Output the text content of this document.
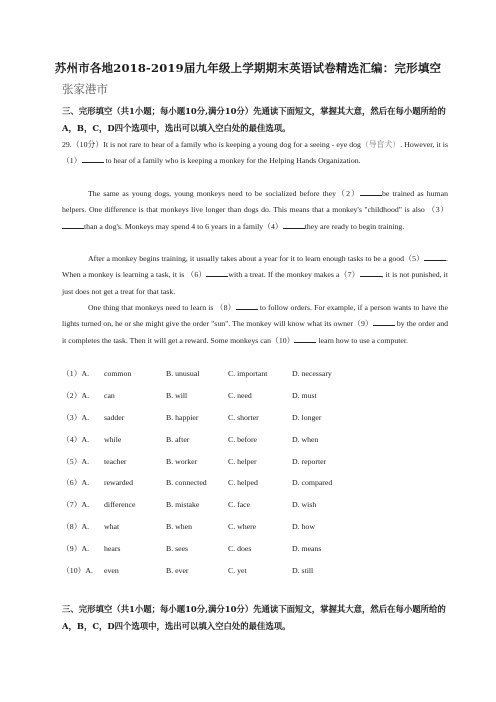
苏州市各地2018-2019届九年级上学期期末英语试卷精选汇编：完形填空
张家港市
三、完形填空（共1小题；每小题10分,满分10分）先通读下面短文，掌握其大意，然后在每小题所给的A，B，C，D四个选项中，选出可以填入空白处的最佳选项。
29.（10分）It is not rare to hear of a family who is keeping a young dog for a seeing - eye dog（导盲犬）. However, it is （1）	to hear of a family who is keeping a monkey for the Helping Hands Organization.
The same as young dogs, young monkeys need to be socialized before they（2）	be trained as human helpers. One difference is that monkeys live longer than dogs do. This means that a monkey's "childhood" is also （3）than a dog's. Monkeys may spend 4 to 6 years in a family（4）	they are ready to begin training.
After a monkey begins training, it usually takes about a year for it to learn enough tasks to be a good（5）	. When a monkey is learning a task, it is （6）	with a treat. If the monkey makes a（7）	, it is not punished, it just does not get a treat for that task.
One thing that monkeys need to learn is （8）	to follow orders. For example, if a person wants to have the lights turned on, he or she might give the order "sun". The monkey will know what its owner（9）	by the order and it completes the task. Then it will get a reward. Some monkeys can（10）	learn how to use a computer.
（1）A.	common	B. unusual	C. important	D. necessary
（2）A.	can	B. will	C. need	D. must
（3）A.	sadder	B. happier	C. shorter	D. longer
（4）A.	while	B. after	C. before	D. when
（5）A.	teacher	B. worker	C. helper	D. reporter
（6）A.	rewarded	B. connected	C. helped	D. compared
（7）A.	difference	B. mistake	C. face	D. wish
（8）A.	what	B. when	C. where	D. how
（9）A.	hears	B. sees	C. does	D. means
（10）A.	even	B. ever	C. yet	D. still
三、完形填空（共1小题；每小题10分,满分10分）先通读下面短文，掌握其大意，然后在每小题所给的A，B，C，D四个选项中，选出可以填入空白处的最佳选项。
